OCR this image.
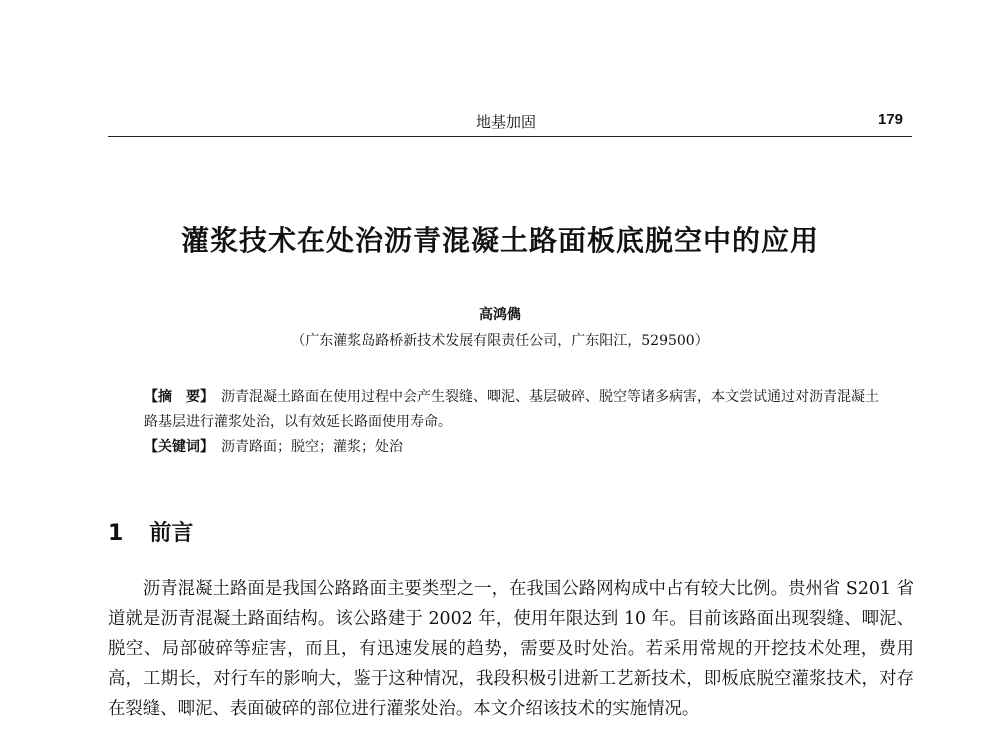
地基加固	179
灌浆技术在处治沥青混凝土路面板底脱空中的应用
高鸿儁
（广东灌浆岛路桥新技术发展有限责任公司，广东阳江，529500）

【摘　要】　 沥青混凝土路面在使用过程中会产生裂缝、唧泥、基层破碎、脱空等诸多病害，本文尝试通过对沥青混凝土路基层进行灌浆处治，以有效延长路面使用寿命。

【关键词】　 沥青路面；脱空；灌浆；处治

1 前言

沥青混凝土路面是我国公路路面主要类型之一，在我国公路网构成中占有较大比例。贵州省 S201 省道就是沥青混凝土路面结构。该公路建于 2002 年，使用年限达到 10 年。目前该路面出现裂缝、唧泥、脱空、局部破碎等症害，而且，有迅速发展的趋势，需要及时处治。若采用常规的开挖技术处理，费用高，工期长，对行车的影响大，鉴于这种情况，我段积极引进新工艺新技术，即板底脱空灌浆技术，对存在裂缝、唧泥、表面破碎的部位进行灌浆处治。本文介绍该技术的实施情况。
